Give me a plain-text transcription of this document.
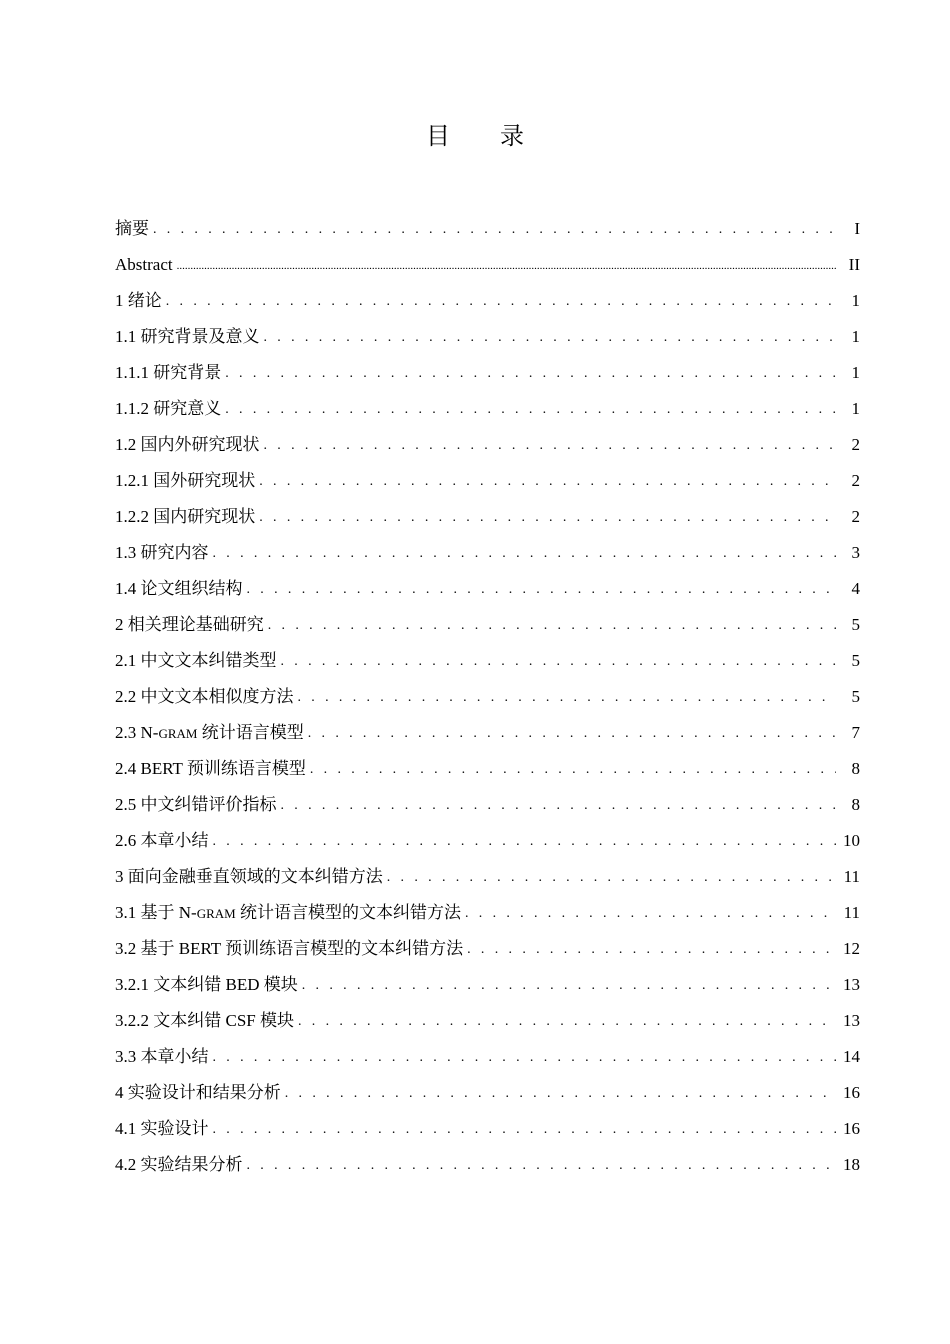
目 录
摘要 . . .	I
Abstract .....	II
1 绪论 . . .	1
1.1 研究背景及意义 . . .	1
1.1.1 研究背景 . . .	1
1.1.2 研究意义 . . .	1
1.2 国内外研究现状 . . .	2
1.2.1 国外研究现状 . . .	2
1.2.2 国内研究现状 . . .	2
1.3 研究内容 . . .	3
1.4 论文组织结构 . . .	4
2 相关理论基础研究 . . .	5
2.1 中文文本纠错类型 . . .	5
2.2 中文文本相似度方法 . . .	5
2.3 N-GRAM 统计语言模型 . . .	7
2.4 BERT 预训练语言模型 . . .	8
2.5 中文纠错评价指标 . . .	8
2.6 本章小结 . . .	10
3 面向金融垂直领域的文本纠错方法 . . .	11
3.1 基于 N-GRAM 统计语言模型的文本纠错方法 . . .	11
3.2 基于 BERT 预训练语言模型的文本纠错方法 . . .	12
3.2.1 文本纠错 BED 模块 . . .	13
3.2.2 文本纠错 CSF 模块 . . .	13
3.3 本章小结 . . .	14
4 实验设计和结果分析 . . .	16
4.1 实验设计 . . .	16
4.2 实验结果分析 . . .	18
